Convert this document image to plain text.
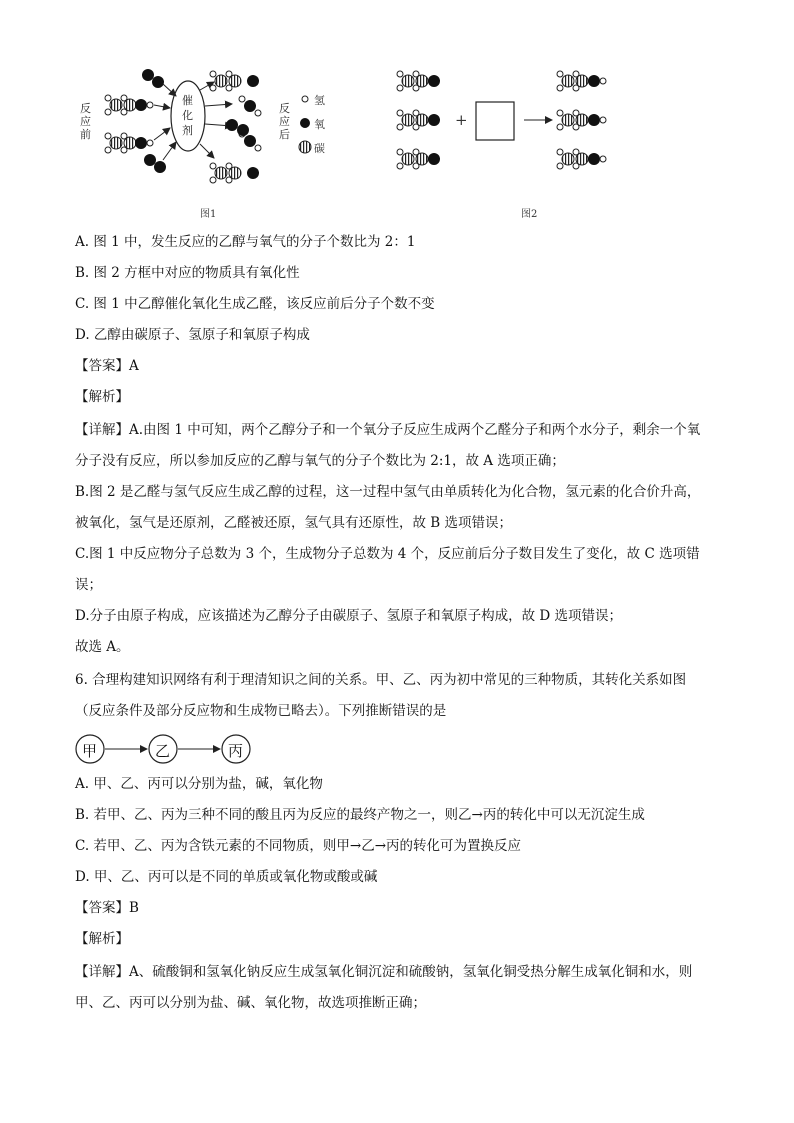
反
应
前
反
应
后
催
化
剂
氢
氧
碳
+
图1	图2
A. 图 1 中，发生反应的乙醇与氧气的分子个数比为 2：1
B. 图 2 方框中对应的物质具有氧化性
C. 图 1 中乙醇催化氧化生成乙醛，该反应前后分子个数不变
D. 乙醇由碳原子、氢原子和氧原子构成
【答案】A
【解析】
【详解】A.由图 1 中可知，两个乙醇分子和一个氧分子反应生成两个乙醛分子和两个水分子，剩余一个氧
分子没有反应，所以参加反应的乙醇与氧气的分子个数比为 2:1，故 A 选项正确；
B.图 2 是乙醛与氢气反应生成乙醇的过程，这一过程中氢气由单质转化为化合物，氢元素的化合价升高，
被氧化，氢气是还原剂，乙醛被还原，氢气具有还原性，故 B 选项错误；
C.图 1 中反应物分子总数为 3 个，生成物分子总数为 4 个，反应前后分子数目发生了变化，故 C 选项错
误；
D.分子由原子构成，应该描述为乙醇分子由碳原子、氢原子和氧原子构成，故 D 选项错误；
故选 A。
6. 合理构建知识网络有利于理清知识之间的关系。甲、乙、丙为初中常见的三种物质，其转化关系如图
（反应条件及部分反应物和生成物已略去）。下列推断错误的是
甲	乙	丙
A. 甲、乙、丙可以分别为盐，碱，氧化物
B. 若甲、乙、丙为三种不同的酸且丙为反应的最终产物之一，则乙→丙的转化中可以无沉淀生成
C. 若甲、乙、丙为含铁元素的不同物质，则甲→乙→丙的转化可为置换反应
D. 甲、乙、丙可以是不同的单质或氧化物或酸或碱
【答案】B
【解析】
【详解】A、硫酸铜和氢氧化钠反应生成氢氧化铜沉淀和硫酸钠，氢氧化铜受热分解生成氧化铜和水，则
甲、乙、丙可以分别为盐、碱、氧化物，故选项推断正确；
